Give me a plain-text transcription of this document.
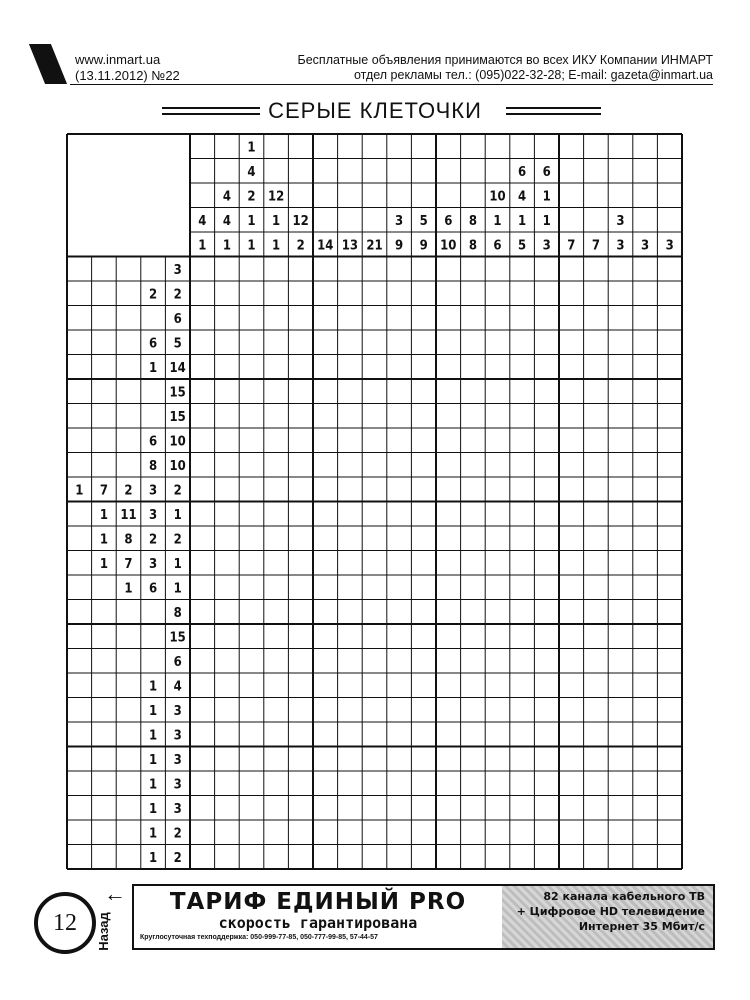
www.inmart.ua
(13.11.2012) №22
Бесплатные объявления принимаются во всех ИКУ Компании ИНМАРТ
отдел рекламы тел.: (095)022-32-28; E-mail: gazeta@inmart.ua
СЕРЫЕ КЛЕТОЧКИ
4
1
4
4
1
1
4
2
1
1
12
1
1
12
2 14 13 21
3
9
5
9
6
10
8
8
10
1
6
6
4
1
5
6
1
1
3 7 7
3
3 3 3
3
2 2
6
6 5
1 14
15
15
6 10
8 10
1 7 2 3 2
1 11 3 1
1 8 2 2
1 7 3 1
1 6 1
8
15
6
1 4
1 3
1 3
1 3
1 3
1 3
1 2
1 2
12
←
Назад
ТАРИФ ЕДИНЫЙ PRO
скорость гарантирована
Круглосуточная техподдержка: 050-999-77-85, 050-777-99-85, 57-44-57
82 канала кабельного ТВ
+ Цифровое HD телевидение
Интернет 35 Мбит/с
